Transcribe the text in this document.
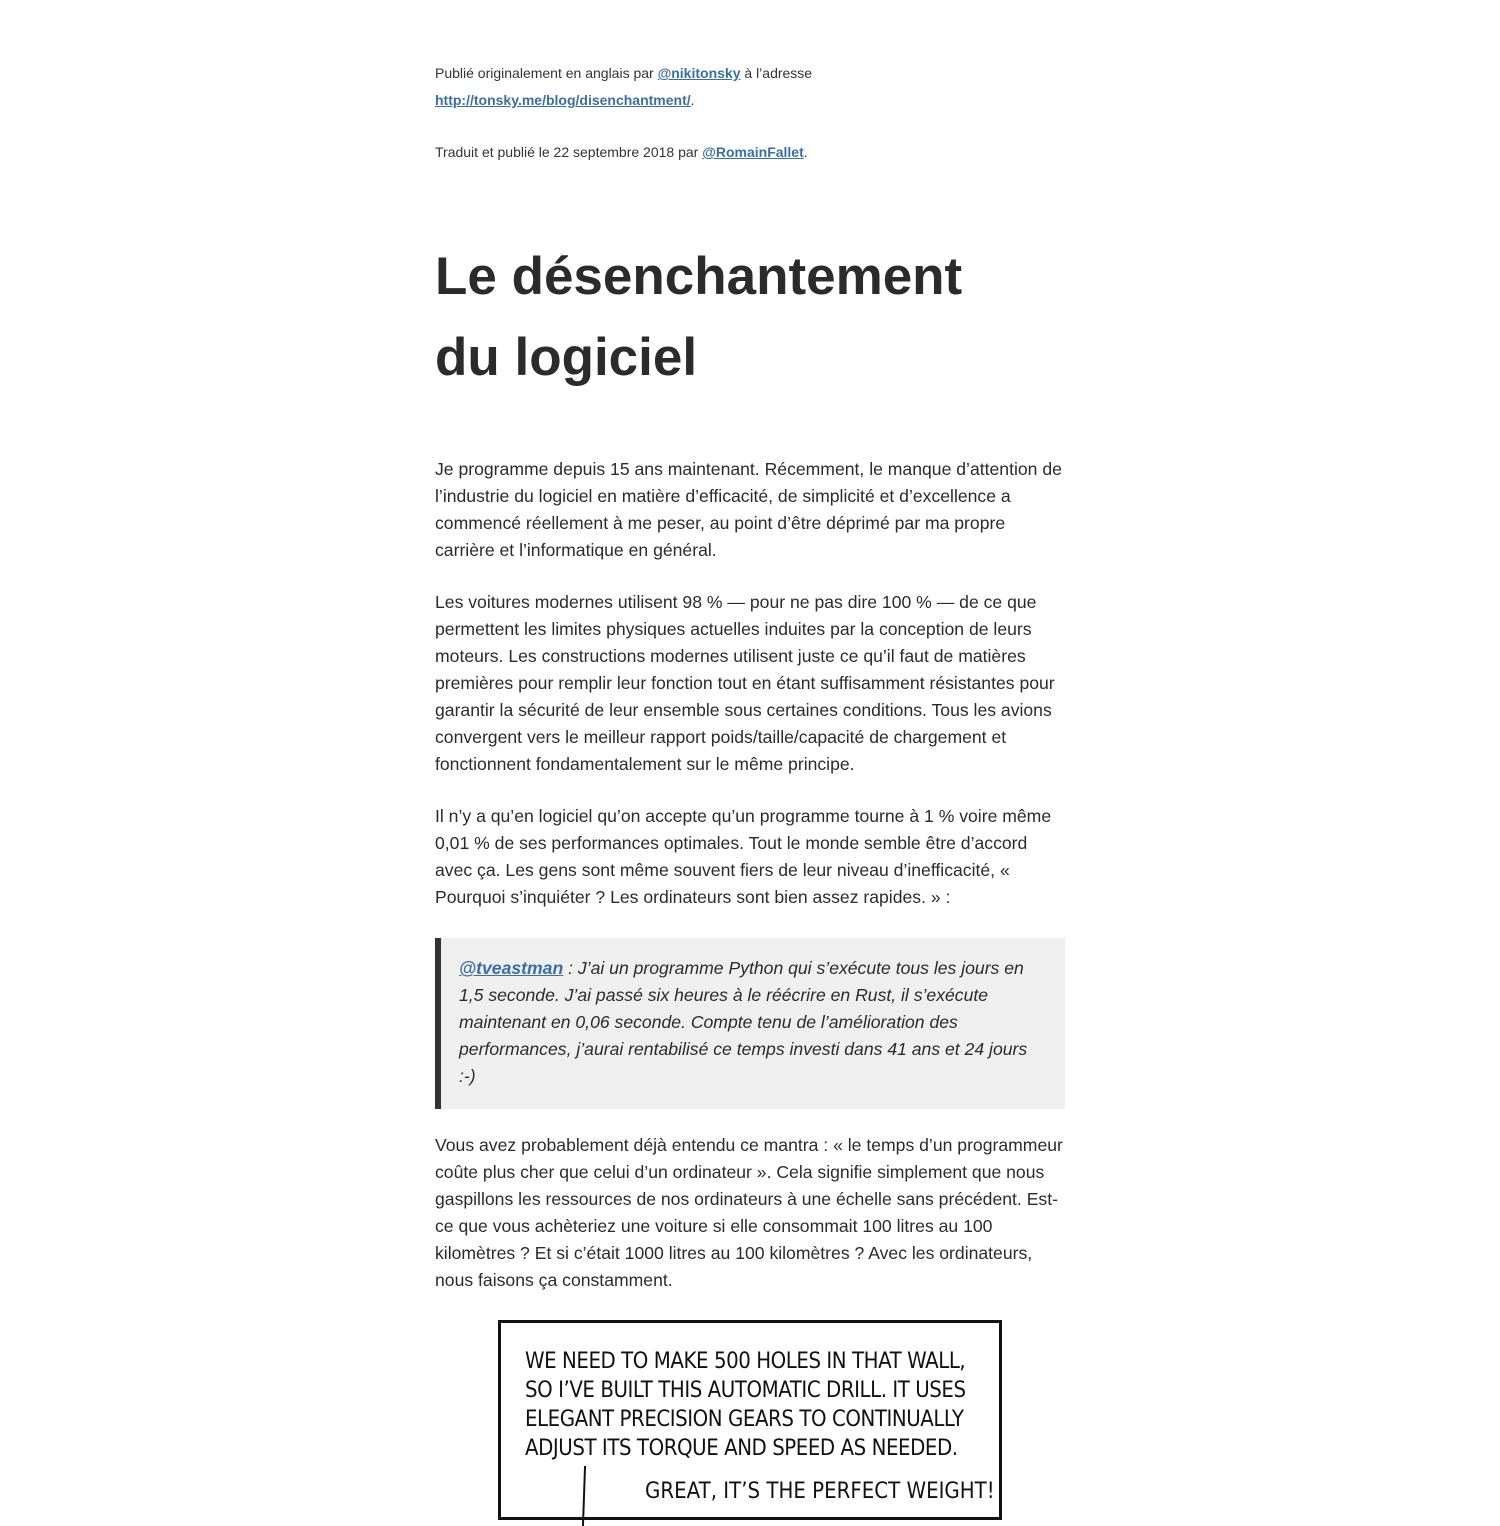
Publié originalement en anglais par @nikitonsky à l’adresse
http://tonsky.me/blog/disenchantment/.

Traduit et publié le 22 septembre 2018 par @RomainFallet.

Le désenchantement
du logiciel

Je programme depuis 15 ans maintenant. Récemment, le manque d’attention de l’industrie du logiciel en matière d’efficacité, de simplicité et d’excellence a commencé réellement à me peser, au point d’être déprimé par ma propre carrière et l’informatique en général.

Les voitures modernes utilisent 98 % — pour ne pas dire 100 % — de ce que permettent les limites physiques actuelles induites par la conception de leurs moteurs. Les constructions modernes utilisent juste ce qu’il faut de matières premières pour remplir leur fonction tout en étant suffisamment résistantes pour garantir la sécurité de leur ensemble sous certaines conditions. Tous les avions convergent vers le meilleur rapport poids/taille/capacité de chargement et fonctionnent fondamentalement sur le même principe.

Il n’y a qu’en logiciel qu’on accepte qu’un programme tourne à 1 % voire même 0,01 % de ses performances optimales. Tout le monde semble être d’accord avec ça. Les gens sont même souvent fiers de leur niveau d’inefficacité, « Pourquoi s’inquiéter ? Les ordinateurs sont bien assez rapides. » :

@tveastman : J’ai un programme Python qui s’exécute tous les jours en 1,5 seconde. J’ai passé six heures à le réécrire en Rust, il s’exécute maintenant en 0,06 seconde. Compte tenu de l’amélioration des performances, j’aurai rentabilisé ce temps investi dans 41 ans et 24 jours :-)

Vous avez probablement déjà entendu ce mantra : « le temps d’un programmeur coûte plus cher que celui d’un ordinateur ». Cela signifie simplement que nous gaspillons les ressources de nos ordinateurs à une échelle sans précédent. Est-ce que vous achèteriez une voiture si elle consommait 100 litres au 100 kilomètres ? Et si c’était 1000 litres au 100 kilomètres ? Avec les ordinateurs, nous faisons ça constamment.

WE NEED TO MAKE 500 HOLES IN THAT WALL,
SO I’VE BUILT THIS AUTOMATIC DRILL. IT USES
ELEGANT PRECISION GEARS TO CONTINUALLY
ADJUST ITS TORQUE AND SPEED AS NEEDED.
GREAT, IT’S THE PERFECT WEIGHT!
